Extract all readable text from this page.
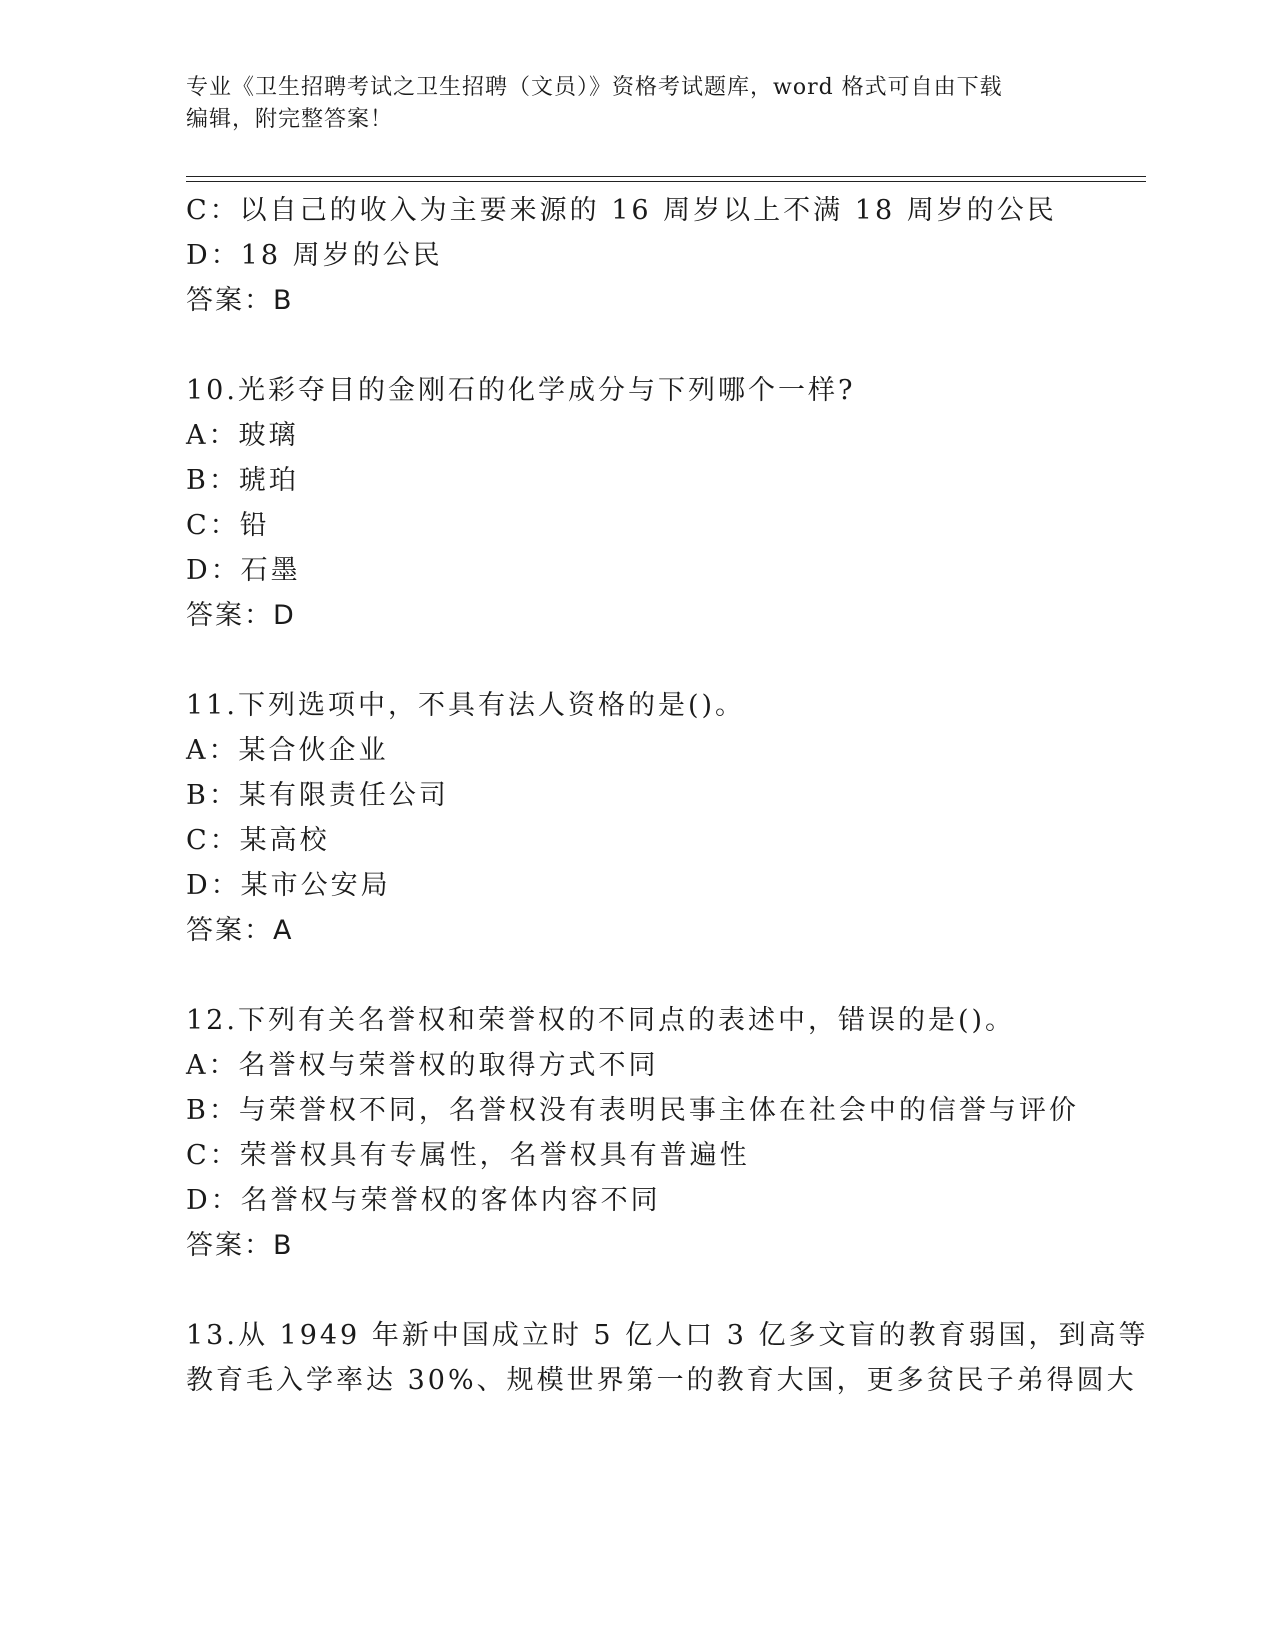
专业《卫生招聘考试之卫生招聘（文员）》资格考试题库，word 格式可自由下载
编辑，附完整答案！
C：以自己的收入为主要来源的 16 周岁以上不满 18 周岁的公民
D：18 周岁的公民
答案：B
10.光彩夺目的金刚石的化学成分与下列哪个一样?
A：玻璃
B：琥珀
C：铅
D：石墨
答案：D
11.下列选项中，不具有法人资格的是()。
A：某合伙企业
B：某有限责任公司
C：某高校
D：某市公安局
答案：A
12.下列有关名誉权和荣誉权的不同点的表述中，错误的是()。
A：名誉权与荣誉权的取得方式不同
B：与荣誉权不同，名誉权没有表明民事主体在社会中的信誉与评价
C：荣誉权具有专属性，名誉权具有普遍性
D：名誉权与荣誉权的客体内容不同
答案：B
13.从 1949 年新中国成立时 5 亿人口 3 亿多文盲的教育弱国，到高等
教育毛入学率达 30%、规模世界第一的教育大国，更多贫民子弟得圆大
